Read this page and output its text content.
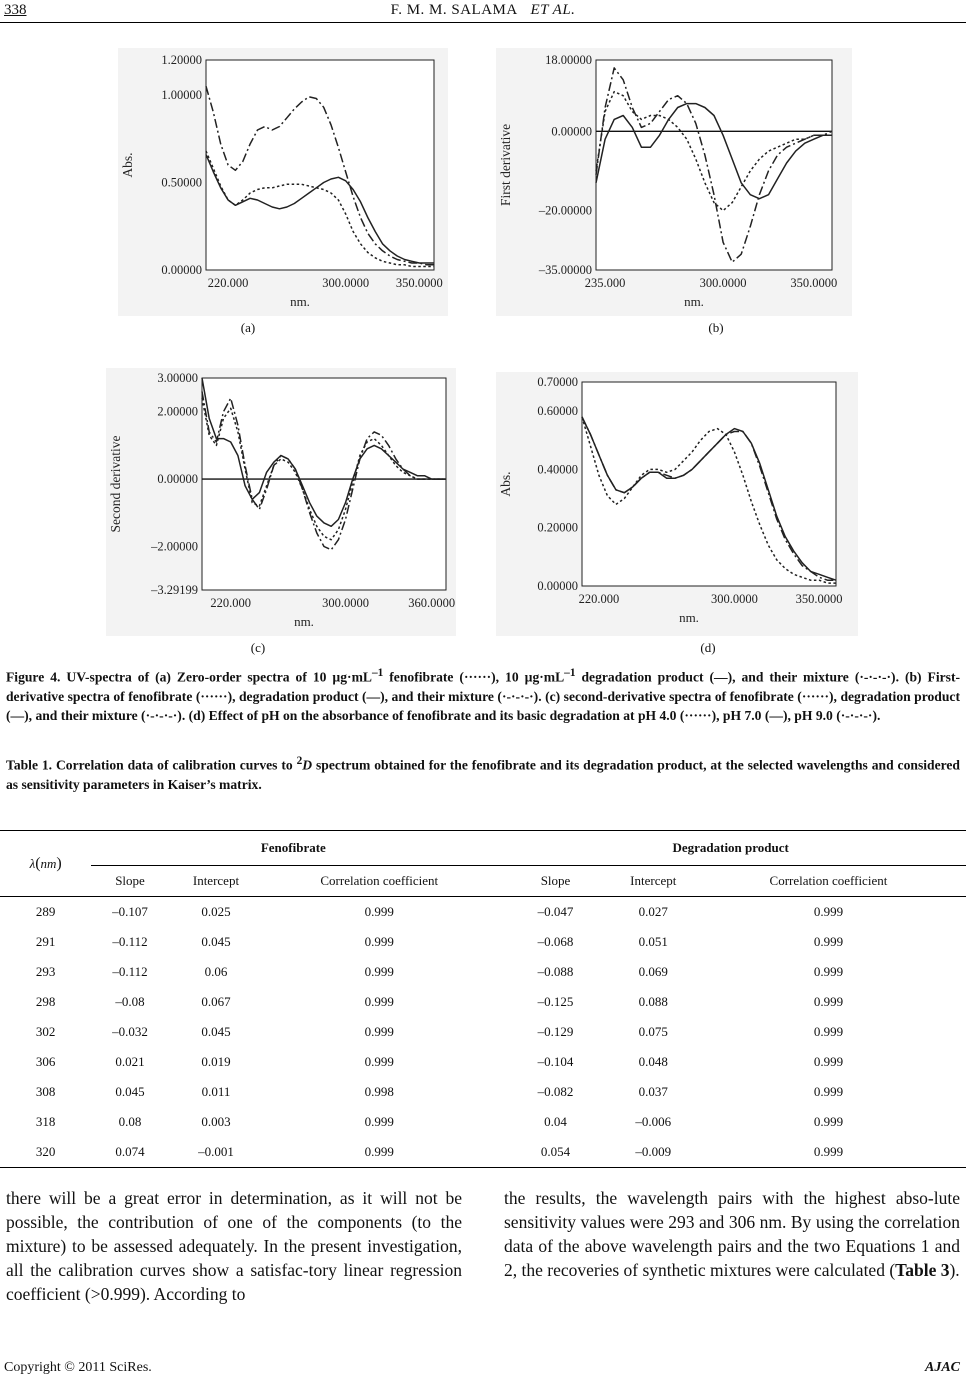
338	F. M. M. SALAMA ET AL.
1.20000
1.00000
0.50000
0.00000
220.000	300.0000 350.0000
nm.
Abs.
18.00000
0.00000
–20.00000
–35.00000
235.000	300.0000	350.0000
nm.
First derivative
3.00000
2.00000
0.00000
–2.00000
–3.29199
220.000	300.0000	360.0000
nm.
Second derivative
0.70000
0.60000
0.40000
0.20000
0.00000
220.000	300.0000	350.0000
nm.
Abs.
(a)	(b)
(c)	(d)
Figure 4. UV-spectra of (a) Zero-order spectra of 10 $\mu g\cdot mL^{-1}$ fenofibrate (······), 10 $\mu g\cdot mL^{-1}$ degradation product (—), and their mixture (·-·-·-·). (b) First-derivative spectra of fenofibrate (······), degradation product (—), and their mixture (·-·-·-·). (c) second-derivative spectra of fenofibrate (······), degradation product (—), and their mixture (·-·-·-·). (d) Effect of pH on the absorbance of fenofibrate and its basic degradation at pH 4.0 (······), pH 7.0 (—), pH 9.0 (·-·-·-·).
Table 1. Correlation data of calibration curves to $^2$D spectrum obtained for the fenofibrate and its degradation product, at the selected wavelengths and considered as sensitivity parameters in Kaiser’s matrix.
λ(nm)	Fenofibrate			Degradation product		
	Slope	Intercept	Correlation coefficient	Slope	Intercept	Correlation coefficient
289	–0.107	0.025	0.999	–0.047	0.027	0.999
291	–0.112	0.045	0.999	–0.068	0.051	0.999
293	–0.112	0.06	0.999	–0.088	0.069	0.999
298	–0.08	0.067	0.999	–0.125	0.088	0.999
302	–0.032	0.045	0.999	–0.129	0.075	0.999
306	0.021	0.019	0.999	–0.104	0.048	0.999
308	0.045	0.011	0.998	–0.082	0.037	0.999
318	0.08	0.003	0.999	0.04	–0.006	0.999
320	0.074	–0.001	0.999	0.054	–0.009	0.999
there will be a great error in determination, as it will not be possible, the contribution of one of the components (to the mixture) to be assessed adequately. In the present investigation, all the calibration curves show a satisfac-tory linear regression coefficient (>0.999). According to
the results, the wavelength pairs with the highest abso-lute sensitivity values were 293 and 306 nm. By using the correlation data of the above wavelength pairs and the two Equations 1 and 2, the recoveries of synthetic mixtures were calculated (Table 3).
Copyright © 2011 SciRes.	AJAC
